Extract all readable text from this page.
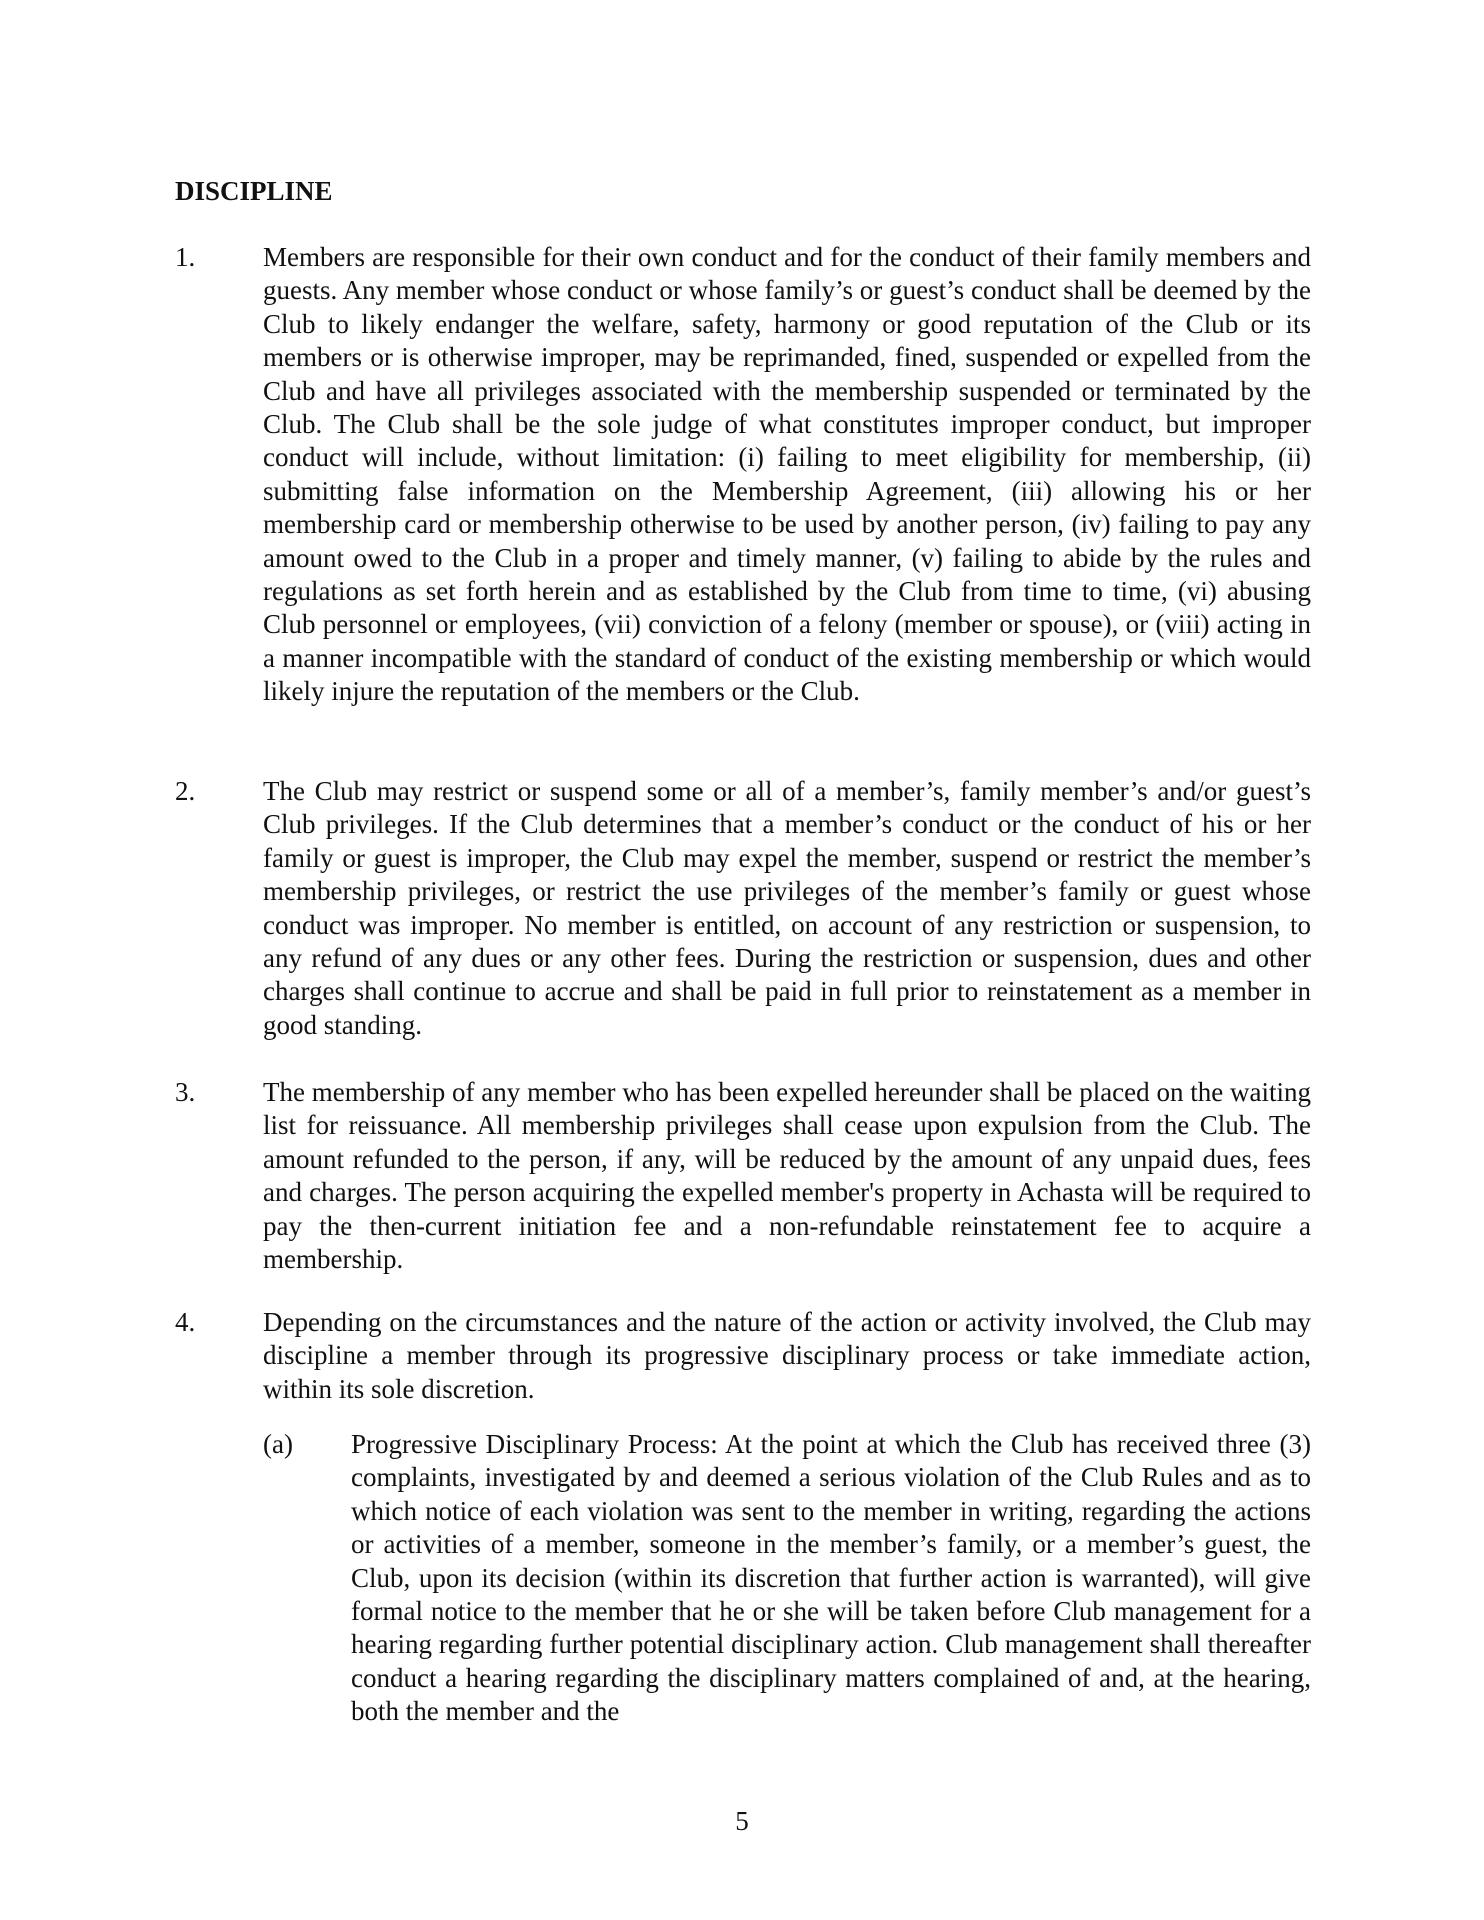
DISCIPLINE
1.	Members are responsible for their own conduct and for the conduct of their family members and guests. Any member whose conduct or whose family’s or guest’s conduct shall be deemed by the Club to likely endanger the welfare, safety, harmony or good reputation of the Club or its members or is otherwise improper, may be reprimanded, fined, suspended or expelled from the Club and have all privileges associated with the membership suspended or terminated by the Club. The Club shall be the sole judge of what constitutes improper conduct, but improper conduct will include, without limitation: (i) failing to meet eligibility for membership, (ii) submitting false information on the Membership Agreement, (iii) allowing his or her membership card or membership otherwise to be used by another person, (iv) failing to pay any amount owed to the Club in a proper and timely manner, (v) failing to abide by the rules and regulations as set forth herein and as established by the Club from time to time, (vi) abusing Club personnel or employees, (vii) conviction of a felony (member or spouse), or (viii) acting in a manner incompatible with the standard of conduct of the existing membership or which would likely injure the reputation of the members or the Club.
2.	The Club may restrict or suspend some or all of a member’s, family member’s and/or guest’s Club privileges. If the Club determines that a member’s conduct or the conduct of his or her family or guest is improper, the Club may expel the member, suspend or restrict the member’s membership privileges, or restrict the use privileges of the member’s family or guest whose conduct was improper. No member is entitled, on account of any restriction or suspension, to any refund of any dues or any other fees. During the restriction or suspension, dues and other charges shall continue to accrue and shall be paid in full prior to reinstatement as a member in good standing.
3.	The membership of any member who has been expelled hereunder shall be placed on the waiting list for reissuance. All membership privileges shall cease upon expulsion from the Club. The amount refunded to the person, if any, will be reduced by the amount of any unpaid dues, fees and charges. The person acquiring the expelled member's property in Achasta will be required to pay the then-current initiation fee and a non-refundable reinstatement fee to acquire a membership.
4.	Depending on the circumstances and the nature of the action or activity involved, the Club may discipline a member through its progressive disciplinary process or take immediate action, within its sole discretion.
(a) Progressive Disciplinary Process: At the point at which the Club has received three (3) complaints, investigated by and deemed a serious violation of the Club Rules and as to which notice of each violation was sent to the member in writing, regarding the actions or activities of a member, someone in the member’s family, or a member’s guest, the Club, upon its decision (within its discretion that further action is warranted), will give formal notice to the member that he or she will be taken before Club management for a hearing regarding further potential disciplinary action. Club management shall thereafter conduct a hearing regarding the disciplinary matters complained of and, at the hearing, both the member and the
5
